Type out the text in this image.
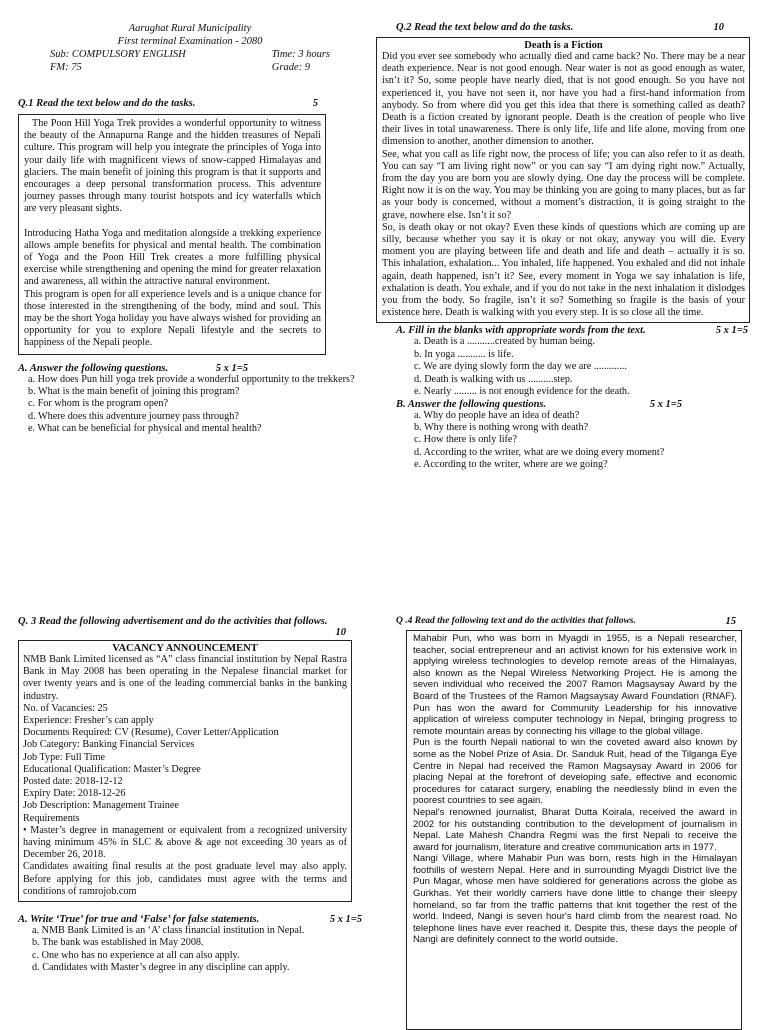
Aarughat Rural Municipality
First terminal Examination - 2080
Sub: COMPULSORY ENGLISH	Time: 3 hours
FM: 75	Grade: 9
Q.1 Read the text below and do the tasks.	5

The Poon Hill Yoga Trek provides a wonderful opportunity to witness the beauty of the Annapurna Range and the hidden treasures of Nepali culture. This program will help you integrate the principles of Yoga into your daily life with magnificent views of snow-capped Himalayas and glaciers. The main benefit of joining this program is that it supports and encourages a deep personal transformation process. This adventure journey passes through many tourist hotspots and icy waterfalls which are very pleasant sights.

Introducing Hatha Yoga and meditation alongside a trekking experience allows ample benefits for physical and mental health. The combination of Yoga and the Poon Hill Trek creates a more fulfilling physical exercise while strengthening and opening the mind for greater relaxation and awareness, all within the attractive natural environment.

This program is open for all experience levels and is a unique chance for those interested in the strengthening of the body, mind and soul. This may be the short Yoga holiday you have always wished for providing an opportunity for you to explore Nepali lifestyle and the secrets to happiness of the Nepali people.

A. Answer the following questions.	5 x 1=5
a. How does Pun hill yoga trek provide a wonderful opportunity to the trekkers?
b. What is the main benefit of joining this program?
c. For whom is the program open?
d. Where does this adventure journey pass through?
e. What can be beneficial for physical and mental health?
Q.2 Read the text below and do the tasks.	10
Death is a Fiction

Did you ever see somebody who actually died and came back? No. There may be a near death experience. Near is not good enough. Near water is not as good enough as water, isn’t it? So, some people have nearly died, that is not good enough. So you have not experienced it, you have not seen it, nor have you had a first-hand information from anybody. So from where did you get this idea that there is something called as death? Death is a fiction created by ignorant people. Death is the creation of people who live their lives in total unawareness. There is only life, life and life alone, moving from one dimension to another, another dimension to another.

See, what you call as life right now, the process of life; you can also refer to it as death. You can say “I am living right now” or you can say “I am dying right now.” Actually, from the day you are born you are slowly dying. One day the process will be complete. Right now it is on the way. You may be thinking you are going to many places, but as far as your body is concerned, without a moment’s distraction, it is going straight to the grave, nowhere else. Isn’t it so?

So, is death okay or not okay? Even these kinds of questions which are coming up are silly, because whether you say it is okay or not okay, anyway you will die. Every moment you are playing between life and death and life and death – actually it is so. This inhalation, exhalation... You inhaled, life happened. You exhaled and did not inhale again, death happened, isn’t it? See, every moment in Yoga we say inhalation is life, exhalation is death. You exhale, and if you do not take in the next inhalation it dislodges you from the body. So fragile, isn’t it so? Something so fragile is the basis of your existence here. Death is walking with you every step. It is so close all the time.

A. Fill in the blanks with appropriate words from the text.	5 x 1=5
a. Death is a ...........created by human being.
b. In yoga ........... is life.
c. We are dying slowly form the day we are .............
d. Death is walking with us ..........step.
e. Nearly ......... is not enough evidence for the death.
B. Answer the following questions.	5 x 1=5
a. Why do people have an idea of death?
b. Why there is nothing wrong with death?
c. How there is only life?
d. According to the writer, what are we doing every moment?
e. According to the writer, where are we going?
Q. 3 Read the following advertisement and do the activities that follows.
10
VACANCY ANNOUNCEMENT

NMB Bank Limited licensed as “A” class financial institution by Nepal Rastra Bank in May 2008 has been operating in the Nepalese financial market for over twenty years and is one of the leading commercial banks in the banking industry.

No. of Vacancies: 25
Experience: Fresher’s can apply
Documents Required: CV (Resume), Cover Letter/Application
Job Category: Banking Financial Services
Job Type: Full Time
Educational Qualification: Master’s Degree
Posted date: 2018-12-12
Expiry Date: 2018-12-26
Job Description: Management Trainee
Requirements

• Master’s degree in management or equivalent from a recognized university having minimum 45% in SLC & above & age not exceeding 30 years as of December 26, 2018.

Candidates awaiting final results at the post graduate level may also apply. Before applying for this job, candidates must agree with the terms and conditions of ramrojob.com

A. Write ‘True’ for true and ‘False’ for false statements.	5 x 1=5
a. NMB Bank Limited is an ‘A’ class financial institution in Nepal.
b. The bank was established in May 2008.
c. One who has no experience at all can also apply.
d. Candidates with Master’s degree in any discipline can apply.
Q .4 Read the following text and do the activities that follows.	15

Mahabir Pun, who was born in Myagdi in 1955, is a Nepali researcher, teacher, social entrepreneur and an activist known for his extensive work in applying wireless technologies to develop remote areas of the Himalayas, also known as the Nepal Wireless Networking Project. He is among the seven individual who received the 2007 Ramon Magsaysay Award by the Board of the Trustees of the Ramon Magsaysay Award Foundation (RNAF). Pun has won the award for Community Leadership for his innovative application of wireless computer technology in Nepal, bringing progress to remote mountain areas by connecting his village to the global village.

Pun is the fourth Nepali national to win the coveted award also known by some as the Nobel Prize of Asia. Dr. Sanduk Ruit, head of the Tilganga Eye Centre in Nepal had received the Ramon Magsaysay Award in 2006 for placing Nepal at the forefront of developing safe, effective and economic procedures for cataract surgery, enabling the needlessly blind in even the poorest countries to see again.

Nepal's renowned journalist, Bharat Dutta Koirala, received the award in 2002 for his outstanding contribution to the development of journalism in Nepal. Late Mahesh Chandra Regmi was the first Nepali to receive the award for journalism, literature and creative communication arts in 1977.

Nangi Village, where Mahabir Pun was born, rests high in the Himalayan foothills of western Nepal. Here and in surrounding Myagdi District live the Pun Magar, whose men have soldiered for generations across the globe as Gurkhas. Yet their worldly carriers have done little to change their sleepy homeland, so far from the traffic patterns that knit together the rest of the world. Indeed, Nangi is seven hour's hard climb from the nearest road. No telephone lines have ever reached it. Despite this, these days the people of Nangi are definitely connect to the world outside.
